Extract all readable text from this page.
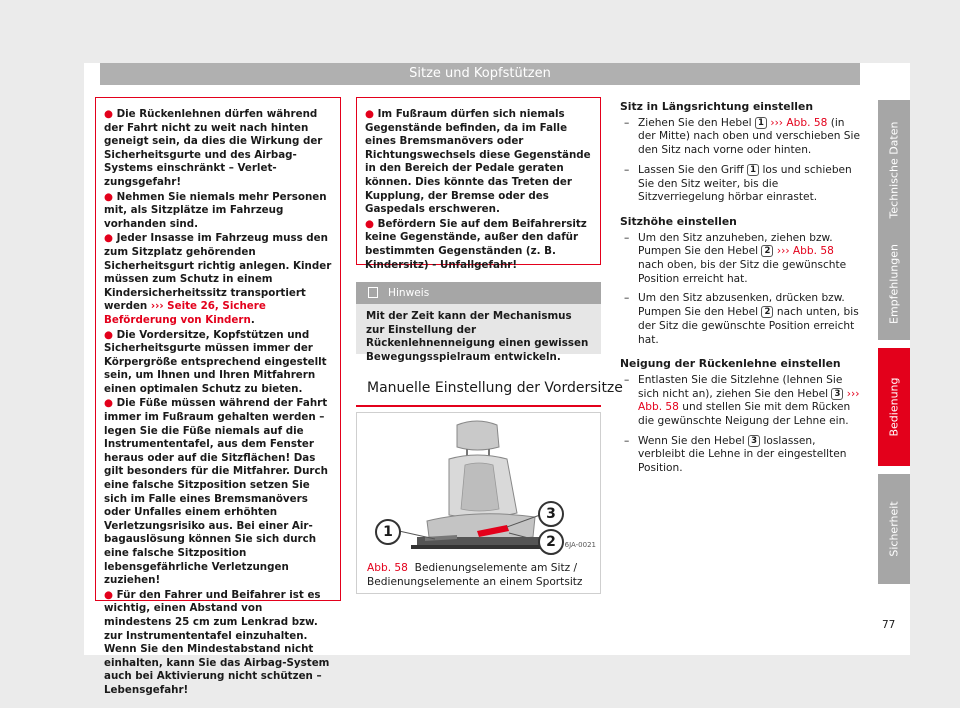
Sitze und Kopfstützen

● Die Rückenlehnen dürfen während der Fahrt nicht zu weit nach hinten geneigt sein, da dies die Wirkung der Sicherheitsgurte und des Airbag-Systems einschränkt – Verletzungsgefahr!

● Nehmen Sie niemals mehr Personen mit, als Sitzplätze im Fahrzeug vorhanden sind.

● Jeder Insasse im Fahrzeug muss den zum Sitzplatz gehörenden Sicherheitsgurt richtig anlegen. Kinder müssen zum Schutz in einem Kindersicherheitssitz transportiert werden ››› Seite 26, Sichere Beförderung von Kindern.

● Die Vordersitze, Kopfstützen und Sicherheitsgurte müssen immer der Körpergröße entsprechend eingestellt sein, um Ihnen und Ihren Mitfahrern einen optimalen Schutz zu bieten.

● Die Füße müssen während der Fahrt immer im Fußraum gehalten werden – legen Sie die Füße niemals auf die Instrumententafel, aus dem Fenster heraus oder auf die Sitzflächen! Das gilt besonders für die Mitfahrer. Durch eine falsche Sitzposition setzen Sie sich im Falle eines Bremsmanövers oder Unfalles einem erhöhten Verletzungsrisiko aus. Bei einer Airbagauslösung können Sie sich durch eine falsche Sitzposition lebensgefährliche Verletzungen zuziehen!

● Für den Fahrer und Beifahrer ist es wichtig, einen Abstand von mindestens 25 cm zum Lenkrad bzw. zur Instrumententafel einzuhalten. Wenn Sie den Mindestabstand nicht einhalten, kann Sie das Airbag-System auch bei Aktivierung nicht schützen – Lebensgefahr!

● Im Fußraum dürfen sich niemals Gegenstände befinden, da im Falle eines Bremsmanövers oder Richtungswechsels diese Gegenstände in den Bereich der Pedale geraten können. Dies könnte das Treten der Kupplung, der Bremse oder des Gaspedals erschweren.

● Befördern Sie auf dem Beifahrersitz keine Gegenstände, außer den dafür bestimmten Gegenständen (z. B. Kindersitz) - Unfallgefahr!

Hinweis
Mit der Zeit kann der Mechanismus zur Einstellung der Rückenlehnenneigung einen gewissen Bewegungsspielraum entwickeln.
Manuelle Einstellung der Vordersitze
1
3
2	6JA-0021
Abb. 58 Bedienungselemente am Sitz / Bedienungselemente an einem Sportsitz
Sitz in Längsrichtung einstellen
– Ziehen Sie den Hebel 1 ››› Abb. 58 (in der Mitte) nach oben und verschieben Sie den Sitz nach vorne oder hinten.
– Lassen Sie den Griff 1 los und schieben Sie den Sitz weiter, bis die Sitzverriegelung hörbar einrastet.
Sitzhöhe einstellen
– Um den Sitz anzuheben, ziehen bzw. Pumpen Sie den Hebel 2 ››› Abb. 58 nach oben, bis der Sitz die gewünschte Position erreicht hat.
– Um den Sitz abzusenken, drücken bzw. Pumpen Sie den Hebel 2 nach unten, bis der Sitz die gewünschte Position erreicht hat.
Neigung der Rückenlehne einstellen
– Entlasten Sie die Sitzlehne (lehnen Sie sich nicht an), ziehen Sie den Hebel 3 ››› Abb. 58 und stellen Sie mit dem Rücken die gewünschte Neigung der Lehne ein.
– Wenn Sie den Hebel 3 loslassen, verbleibt die Lehne in der eingestellten Position.
Technische Daten
Empfehlungen
Bedienung
Sicherheit
77
